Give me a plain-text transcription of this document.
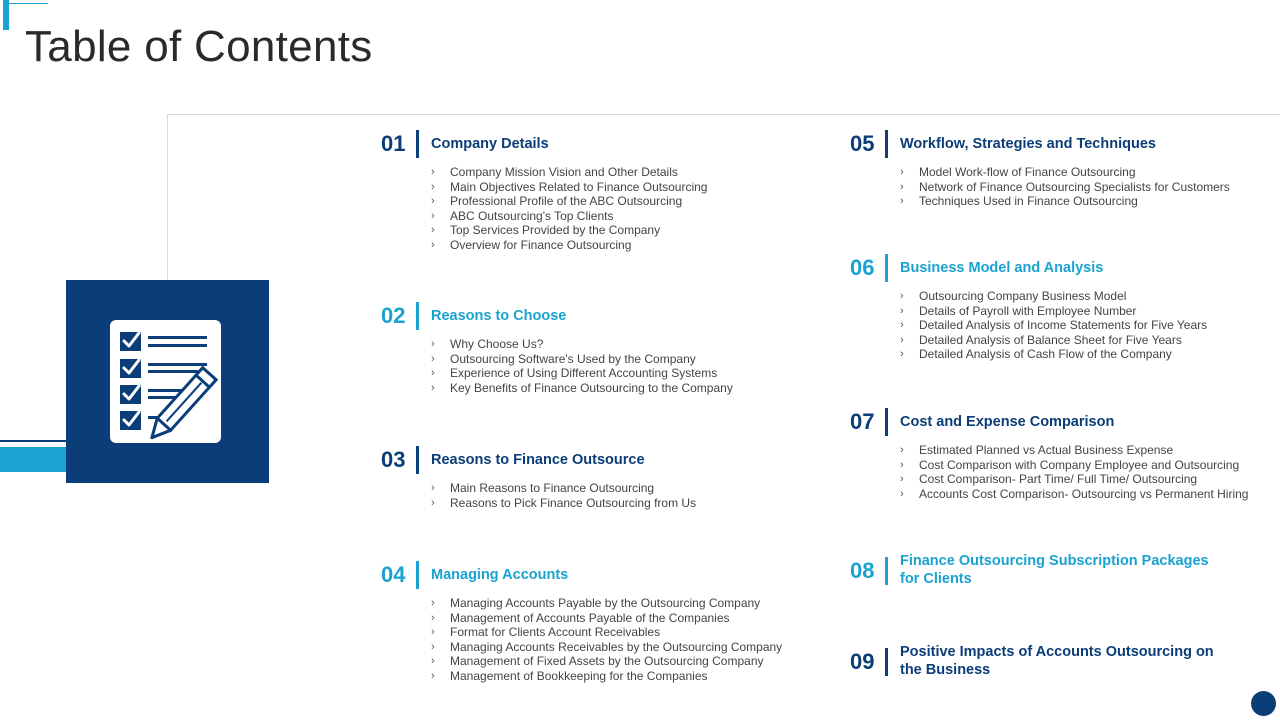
Table of Contents
01	Company Details
› Company Mission Vision and Other Details
› Main Objectives Related to Finance Outsourcing
› Professional Profile of the ABC Outsourcing
› ABC Outsourcing's Top Clients
› Top Services Provided by the Company
› Overview for Finance Outsourcing
02	Reasons to Choose
› Why Choose Us?
› Outsourcing Software's Used by the Company
› Experience of Using Different Accounting Systems
› Key Benefits of Finance Outsourcing to the Company
03	Reasons to Finance Outsource
› Main Reasons to Finance Outsourcing
› Reasons to Pick Finance Outsourcing from Us
04	Managing Accounts
› Managing Accounts Payable by the Outsourcing Company
› Management of Accounts Payable of the Companies
› Format for Clients Account Receivables
› Managing Accounts Receivables by the Outsourcing Company
› Management of Fixed Assets by the Outsourcing Company
› Management of Bookkeeping for the Companies
05	Workflow, Strategies and Techniques
› Model Work-flow of Finance Outsourcing
› Network of Finance Outsourcing Specialists for Customers
› Techniques Used in Finance Outsourcing
06	Business Model and Analysis
› Outsourcing Company Business Model
› Details of Payroll with Employee Number
› Detailed Analysis of Income Statements for Five Years
› Detailed Analysis of Balance Sheet for Five Years
› Detailed Analysis of Cash Flow of the Company
07	Cost and Expense Comparison
› Estimated Planned vs Actual Business Expense
› Cost Comparison with Company Employee and Outsourcing
› Cost Comparison- Part Time/ Full Time/ Outsourcing
› Accounts Cost Comparison- Outsourcing vs Permanent Hiring
08	Finance Outsourcing Subscription Packages
for Clients
09	Positive Impacts of Accounts Outsourcing on
the Business
